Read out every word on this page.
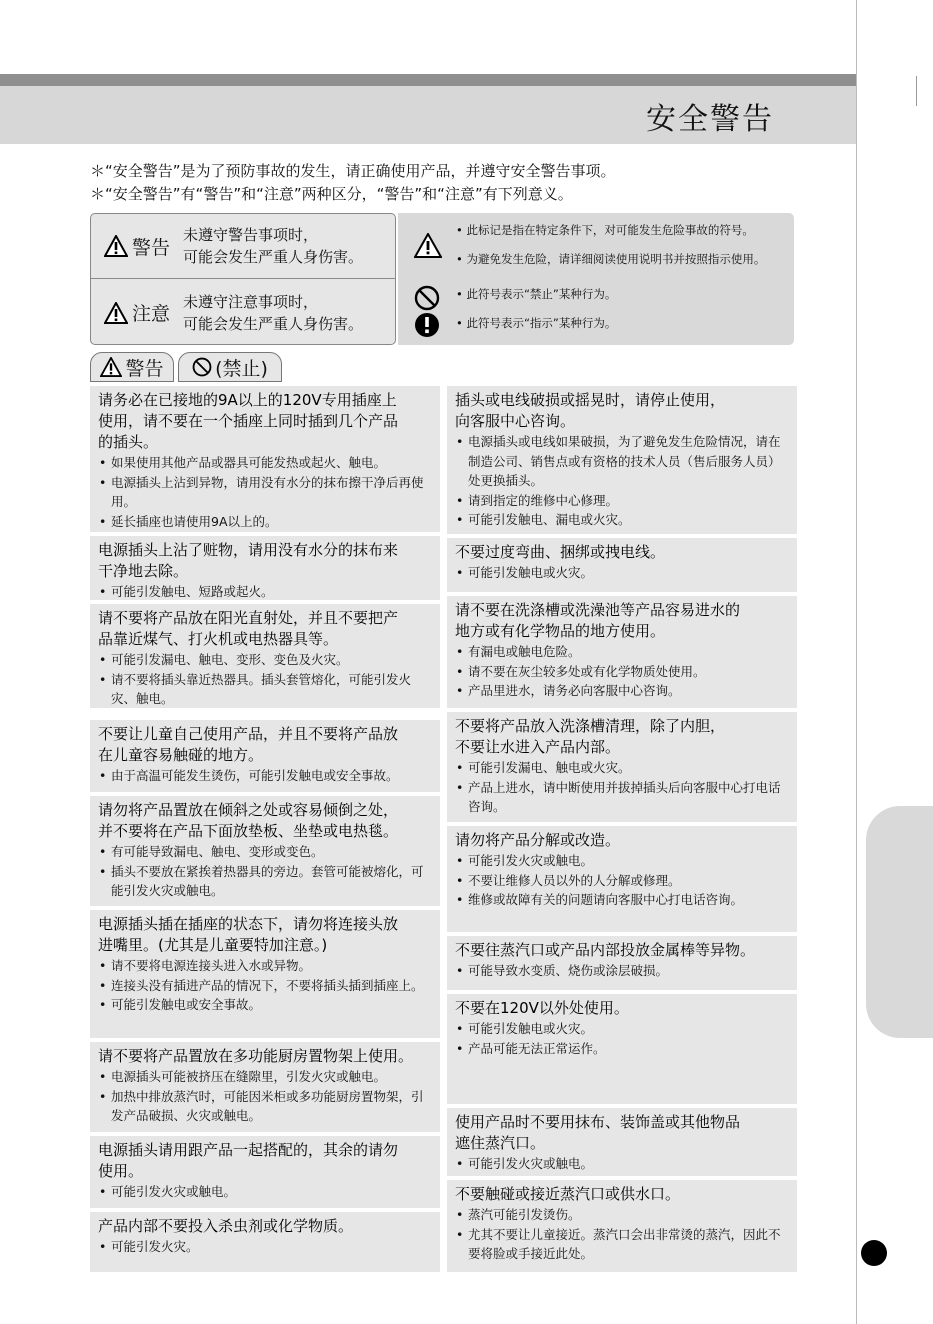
安全警告
＊“安全警告”是为了预防事故的发生，请正确使用产品，并遵守安全警告事项。
＊“安全警告”有“警告”和“注意”两种区分，“警告”和“注意”有下列意义。
警告
未遵守警告事项时，
可能会发生严重人身伤害。
注意
未遵守注意事项时，
可能会发生严重人身伤害。
• 此标记是指在特定条件下，对可能发生危险事故的符号。
• 为避免发生危险，请详细阅读使用说明书并按照指示使用。
• 此符号表示“禁止”某种行为。
• 此符号表示“指示”某种行为。
警告	(禁止)
请务必在已接地的9A以上的120V专用插座上
使用，请不要在一个插座上同时插到几个产品
的插头。
• 如果使用其他产品或器具可能发热或起火、触电。
• 电源插头上沾到异物，请用没有水分的抹布擦干净后再使用。
• 延长插座也请使用9A以上的。
电源插头上沾了赃物，请用没有水分的抹布来
干净地去除。
• 可能引发触电、短路或起火。
请不要将产品放在阳光直射处，并且不要把产
品靠近煤气、打火机或电热器具等。
• 可能引发漏电、触电、变形、变色及火灾。
• 请不要将插头靠近热器具。插头套管熔化，可能引发火灾、触电。
不要让儿童自己使用产品，并且不要将产品放
在儿童容易触碰的地方。
• 由于高温可能发生烫伤，可能引发触电或安全事故。
请勿将产品置放在倾斜之处或容易倾倒之处，
并不要将在产品下面放垫板、坐垫或电热毯。
• 有可能导致漏电、触电、变形或变色。
• 插头不要放在紧挨着热器具的旁边。套管可能被熔化，可能引发火灾或触电。
电源插头插在插座的状态下，请勿将连接头放
进嘴里。(尤其是儿童要特加注意。)
• 请不要将电源连接头进入水或异物。
• 连接头没有插进产品的情况下，不要将插头插到插座上。
• 可能引发触电或安全事故。
请不要将产品置放在多功能厨房置物架上使用。
• 电源插头可能被挤压在缝隙里，引发火灾或触电。
• 加热中排放蒸汽时，可能因米柜或多功能厨房置物架，引发产品破损、火灾或触电。
电源插头请用跟产品一起搭配的，其余的请勿
使用。
• 可能引发火灾或触电。
产品内部不要投入杀虫剂或化学物质。
• 可能引发火灾。
插头或电线破损或摇晃时，请停止使用，
向客服中心咨询。
• 电源插头或电线如果破损，为了避免发生危险情况，请在制造公司、销售点或有资格的技术人员（售后服务人员）处更换插头。
• 请到指定的维修中心修理。
• 可能引发触电、漏电或火灾。
不要过度弯曲、捆绑或拽电线。
• 可能引发触电或火灾。
请不要在洗涤槽或洗澡池等产品容易进水的
地方或有化学物品的地方使用。
• 有漏电或触电危险。
• 请不要在灰尘较多处或有化学物质处使用。
• 产品里进水，请务必向客服中心咨询。
不要将产品放入洗涤槽清理，除了内胆，
不要让水进入产品内部。
• 可能引发漏电、触电或火灾。
• 产品上进水，请中断使用并拔掉插头后向客服中心打电话咨询。
请勿将产品分解或改造。
• 可能引发火灾或触电。
• 不要让维修人员以外的人分解或修理。
• 维修或故障有关的问题请向客服中心打电话咨询。
不要往蒸汽口或产品内部投放金属棒等异物。
• 可能导致水变质、烧伤或涂层破损。
不要在120V以外处使用。
• 可能引发触电或火灾。
• 产品可能无法正常运作。
使用产品时不要用抹布、装饰盖或其他物品
遮住蒸汽口。
• 可能引发火灾或触电。
不要触碰或接近蒸汽口或供水口。
• 蒸汽可能引发烫伤。
• 尤其不要让儿童接近。蒸汽口会出非常烫的蒸汽，因此不要将脸或手接近此处。
